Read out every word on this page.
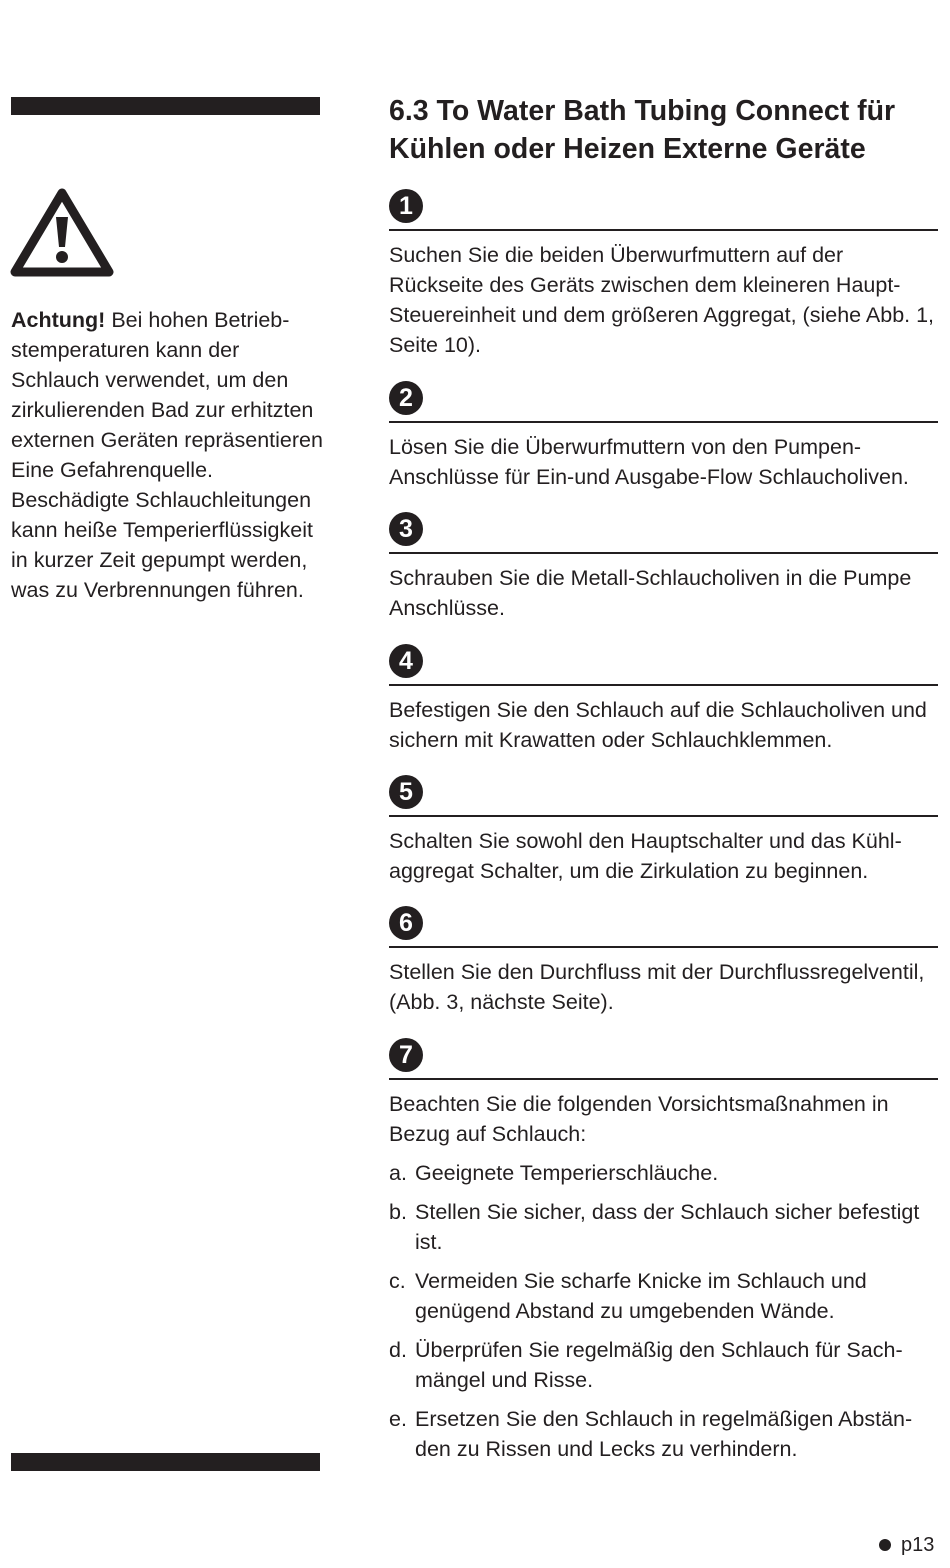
Achtung! Bei hohen Betriebstemperaturen kann der Schlauch verwendet, um den zirkulierenden Bad zur erhitzten externen Geräten repräsentieren Eine Gefahrenquelle. Beschädigte Schlauchleitungen kann heiße Temperierflüssigkeit in kurzer Zeit gepumpt werden, was zu Verbrennungen führen.
6.3 To Water Bath Tubing Connect für
Kühlen oder Heizen Externe Geräte
1

Suchen Sie die beiden Überwurfmuttern auf der Rückseite des Geräts zwischen dem kleineren HauptSteuereinheit und dem größeren Aggregat, (siehe Abb. 1, Seite 10).

2

Lösen Sie die Überwurfmuttern von den PumpenAnschlüsse für Ein-und Ausgabe-Flow Schlaucholiven.

3

Schrauben Sie die Metall-Schlaucholiven in die Pumpe Anschlüsse.

4

Befestigen Sie den Schlauch auf die Schlaucholiven und sichern mit Krawatten oder Schlauchklemmen.

5

Schalten Sie sowohl den Hauptschalter und das Kühlaggregat Schalter, um die Zirkulation zu beginnen.

6

Stellen Sie den Durchfluss mit der Durchflussregelventil, (Abb. 3, nächste Seite).

7

Beachten Sie die folgenden Vorsichtsmaßnahmen in Bezug auf Schlauch:

a. Geeignete Temperierschläuche.
b. Stellen Sie sicher, dass der Schlauch sicher befestigt ist.
c. Vermeiden Sie scharfe Knicke im Schlauch und genügend Abstand zu umgebenden Wände.
d. Überprüfen Sie regelmäßig den Schlauch für Sachmängel und Risse.
e. Ersetzen Sie den Schlauch in regelmäßigen Abständen zu Rissen und Lecks zu verhindern.
p13
